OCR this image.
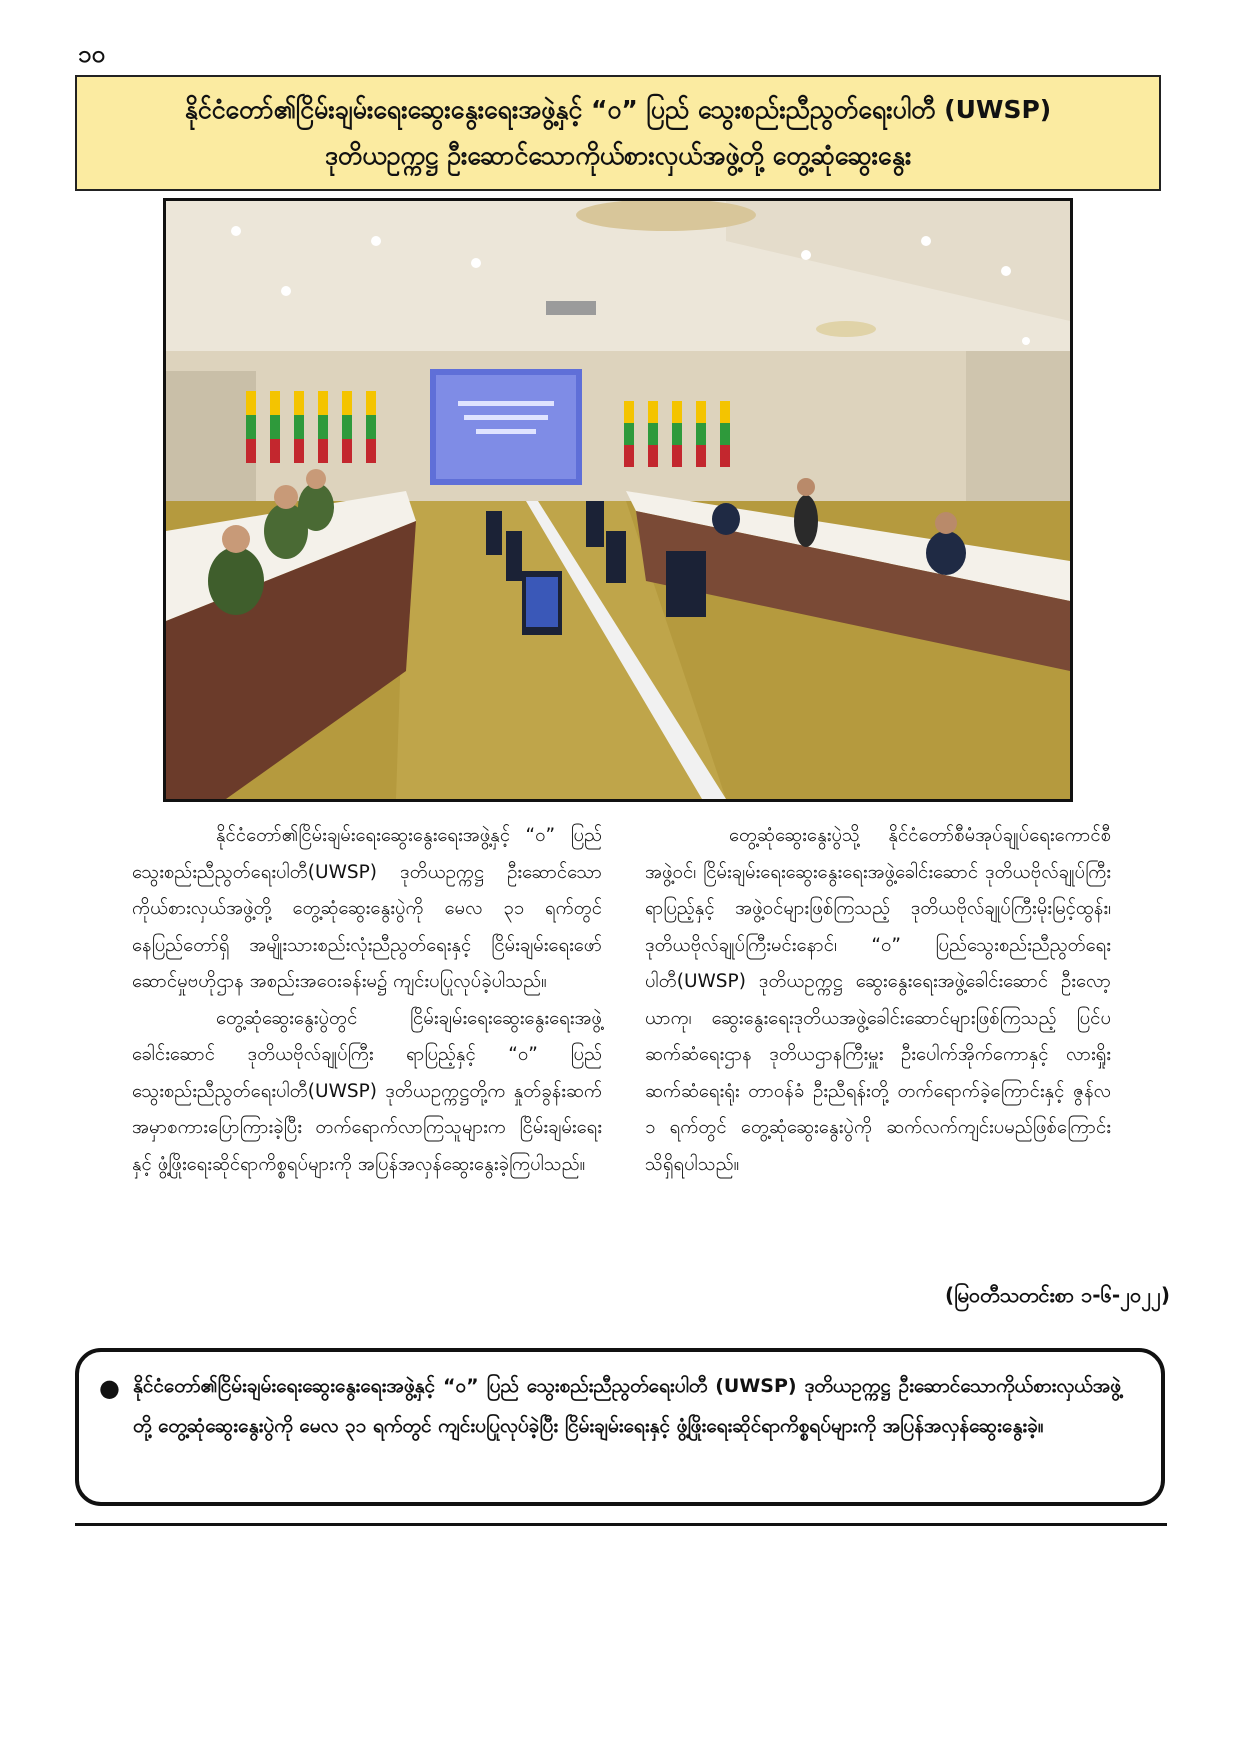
၁၀
နိုင်ငံတော်၏ငြိမ်းချမ်းရေးဆွေးနွေးရေးအဖွဲ့နှင့် “ဝ” ပြည် သွေးစည်းညီညွတ်ရေးပါတီ (UWSP)
ဒုတိယဥက္ကဋ္ဌ ဦးဆောင်သောကိုယ်စားလှယ်အဖွဲ့တို့ တွေ့ဆုံဆွေးနွေး

နိုင်ငံတော်၏ငြိမ်းချမ်းရေးဆွေးနွေးရေးအဖွဲ့နှင့် “ဝ” ပြည်သွေးစည်းညီညွတ်ရေးပါတီ(UWSP) ဒုတိယဥက္ကဋ္ဌ ဦးဆောင်သောကိုယ်စားလှယ်အဖွဲ့တို့ တွေ့ဆုံဆွေးနွေးပွဲကို မေလ ၃၁ ရက်တွင် နေပြည်တော်ရှိ အမျိုးသားစည်းလုံးညီညွတ်ရေးနှင့် ငြိမ်းချမ်းရေးဖော်ဆောင်မှုဗဟိုဌာန အစည်းအဝေးခန်းမ၌ ကျင်းပပြုလုပ်ခဲ့ပါသည်။

တွေ့ဆုံဆွေးနွေးပွဲတွင် ငြိမ်းချမ်းရေးဆွေးနွေးရေးအဖွဲ့ခေါင်းဆောင် ဒုတိယဗိုလ်ချုပ်ကြီး ရာပြည့်နှင့် “ဝ” ပြည်သွေးစည်းညီညွတ်ရေးပါတီ(UWSP) ဒုတိယဥက္ကဋ္ဌတို့က နှုတ်ခွန်းဆက်အမှာစကားပြောကြားခဲ့ပြီး တက်ရောက်လာကြသူများက ငြိမ်းချမ်းရေးနှင့် ဖွံ့ဖြိုးရေးဆိုင်ရာကိစ္စရပ်များကို အပြန်အလှန်ဆွေးနွေးခဲ့ကြပါသည်။

တွေ့ဆုံဆွေးနွေးပွဲသို့ နိုင်ငံတော်စီမံအုပ်ချုပ်ရေးကောင်စီအဖွဲ့ဝင်၊ ငြိမ်းချမ်းရေးဆွေးနွေးရေးအဖွဲ့ခေါင်းဆောင် ဒုတိယဗိုလ်ချုပ်ကြီးရာပြည့်နှင့် အဖွဲ့ဝင်များဖြစ်ကြသည့် ဒုတိယဗိုလ်ချုပ်ကြီးမိုးမြင့်ထွန်း၊ ဒုတိယဗိုလ်ချုပ်ကြီးမင်းနောင်၊ “ဝ” ပြည်သွေးစည်းညီညွတ်ရေးပါတီ(UWSP) ဒုတိယဥက္ကဋ္ဌ ဆွေးနွေးရေးအဖွဲ့ခေါင်းဆောင် ဦးလော့ယာကု၊ ဆွေးနွေးရေးဒုတိယအဖွဲ့ခေါင်းဆောင်များဖြစ်ကြသည့် ပြင်ပဆက်ဆံရေးဌာန ဒုတိယဌာနကြီးမှူး ဦးပေါက်အိုက်ကောနှင့် လားရှိုးဆက်ဆံရေးရုံး တာဝန်ခံ ဦးညီရန်းတို့ တက်ရောက်ခဲ့ကြောင်းနှင့် ဇွန်လ ၁ ရက်တွင် တွေ့ဆုံဆွေးနွေးပွဲကို ဆက်လက်ကျင်းပမည်ဖြစ်ကြောင်း သိရှိရပါသည်။

(မြဝတီသတင်းစာ ၁-၆-၂၀၂၂)
● နိုင်ငံတော်၏ငြိမ်းချမ်းရေးဆွေးနွေးရေးအဖွဲ့နှင့် “ဝ” ပြည် သွေးစည်းညီညွတ်ရေးပါတီ (UWSP) ဒုတိယဥက္ကဋ္ဌ ဦးဆောင်သောကိုယ်စားလှယ်အဖွဲ့တို့ တွေ့ဆုံဆွေးနွေးပွဲကို မေလ ၃၁ ရက်တွင် ကျင်းပပြုလုပ်ခဲ့ပြီး ငြိမ်းချမ်းရေးနှင့် ဖွံ့ဖြိုးရေးဆိုင်ရာကိစ္စရပ်များကို အပြန်အလှန်ဆွေးနွေးခဲ့။
